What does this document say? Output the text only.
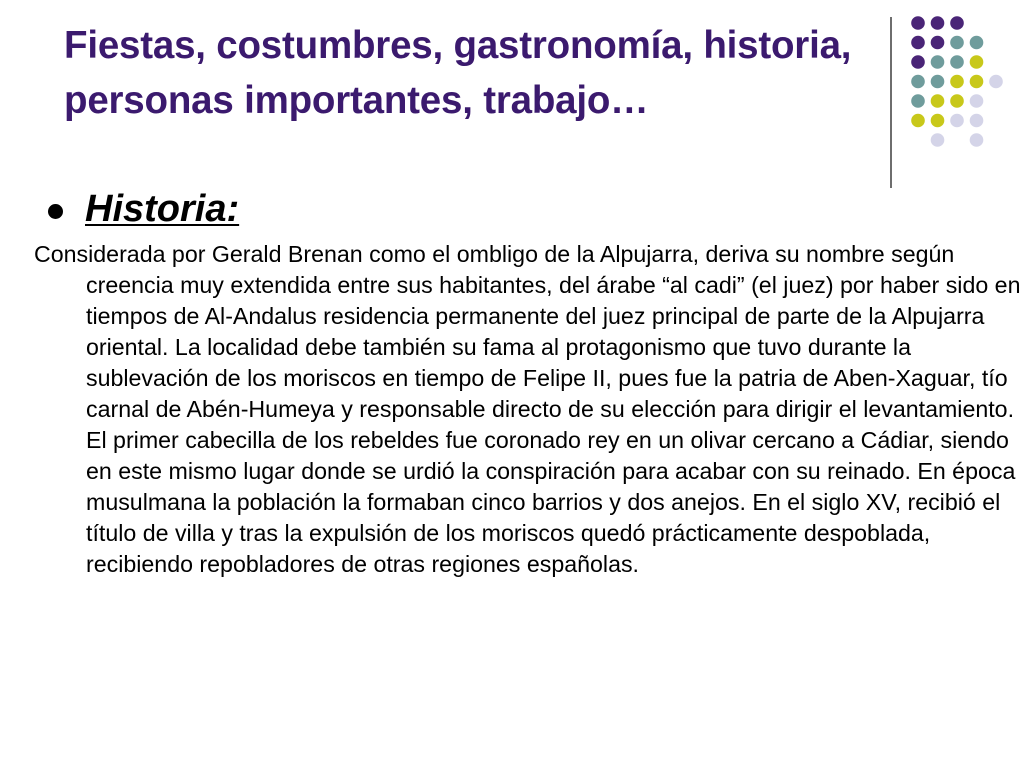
Fiestas, costumbres, gastronomía, historia, personas importantes, trabajo…
Historia:

Considerada por Gerald Brenan como el ombligo de la Alpujarra, deriva su nombre según creencia muy extendida entre sus habitantes, del árabe “al cadi” (el juez) por haber sido en tiempos de Al-Andalus residencia permanente del juez principal de parte de la Alpujarra oriental. La localidad debe también su fama al protagonismo que tuvo durante la sublevación de los moriscos en tiempo de Felipe II, pues fue la patria de Aben-Xaguar, tío carnal de Abén-Humeya y responsable directo de su elección para dirigir el levantamiento. El primer cabecilla de los rebeldes fue coronado rey en un olivar cercano a Cádiar, siendo en este mismo lugar donde se urdió la conspiración para acabar con su reinado. En época musulmana la población la formaban cinco barrios y dos anejos. En el siglo XV, recibió el título de villa y tras la expulsión de los moriscos quedó prácticamente despoblada, recibiendo repobladores de otras regiones españolas.
